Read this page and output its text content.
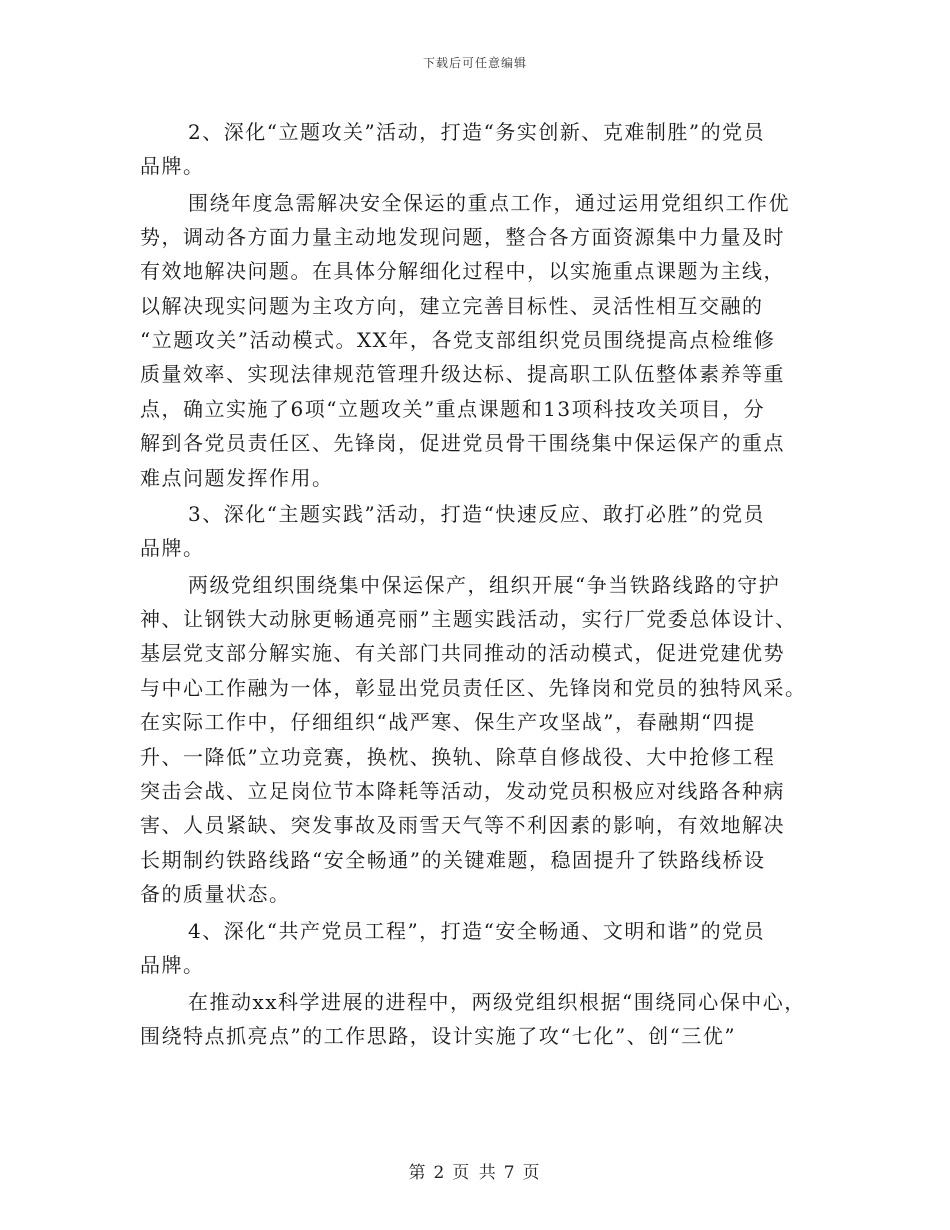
下载后可任意编辑
2、深化“立题攻关”活动，打造“务实创新、克难制胜”的党员
品牌。
围绕年度急需解决安全保运的重点工作，通过运用党组织工作优
势，调动各方面力量主动地发现问题，整合各方面资源集中力量及时
有效地解决问题。在具体分解细化过程中，以实施重点课题为主线，
以解决现实问题为主攻方向，建立完善目标性、灵活性相互交融的
“立题攻关”活动模式。XX年，各党支部组织党员围绕提高点检维修
质量效率、实现法律规范管理升级达标、提高职工队伍整体素养等重
点，确立实施了6项“立题攻关”重点课题和13项科技攻关项目，分
解到各党员责任区、先锋岗，促进党员骨干围绕集中保运保产的重点
难点问题发挥作用。
3、深化“主题实践”活动，打造“快速反应、敢打必胜”的党员
品牌。
两级党组织围绕集中保运保产，组织开展“争当铁路线路的守护
神、让钢铁大动脉更畅通亮丽”主题实践活动，实行厂党委总体设计、
基层党支部分解实施、有关部门共同推动的活动模式，促进党建优势
与中心工作融为一体，彰显出党员责任区、先锋岗和党员的独特风采。
在实际工作中，仔细组织“战严寒、保生产攻坚战”，春融期“四提
升、一降低”立功竞赛，换枕、换轨、除草自修战役、大中抢修工程
突击会战、立足岗位节本降耗等活动，发动党员积极应对线路各种病
害、人员紧缺、突发事故及雨雪天气等不利因素的影响，有效地解决
长期制约铁路线路“安全畅通”的关键难题，稳固提升了铁路线桥设
备的质量状态。
4、深化“共产党员工程”，打造“安全畅通、文明和谐”的党员
品牌。
在推动xx科学进展的进程中，两级党组织根据“围绕同心保中心，
围绕特点抓亮点”的工作思路，设计实施了攻“七化”、创“三优”
第 2 页 共 7 页
